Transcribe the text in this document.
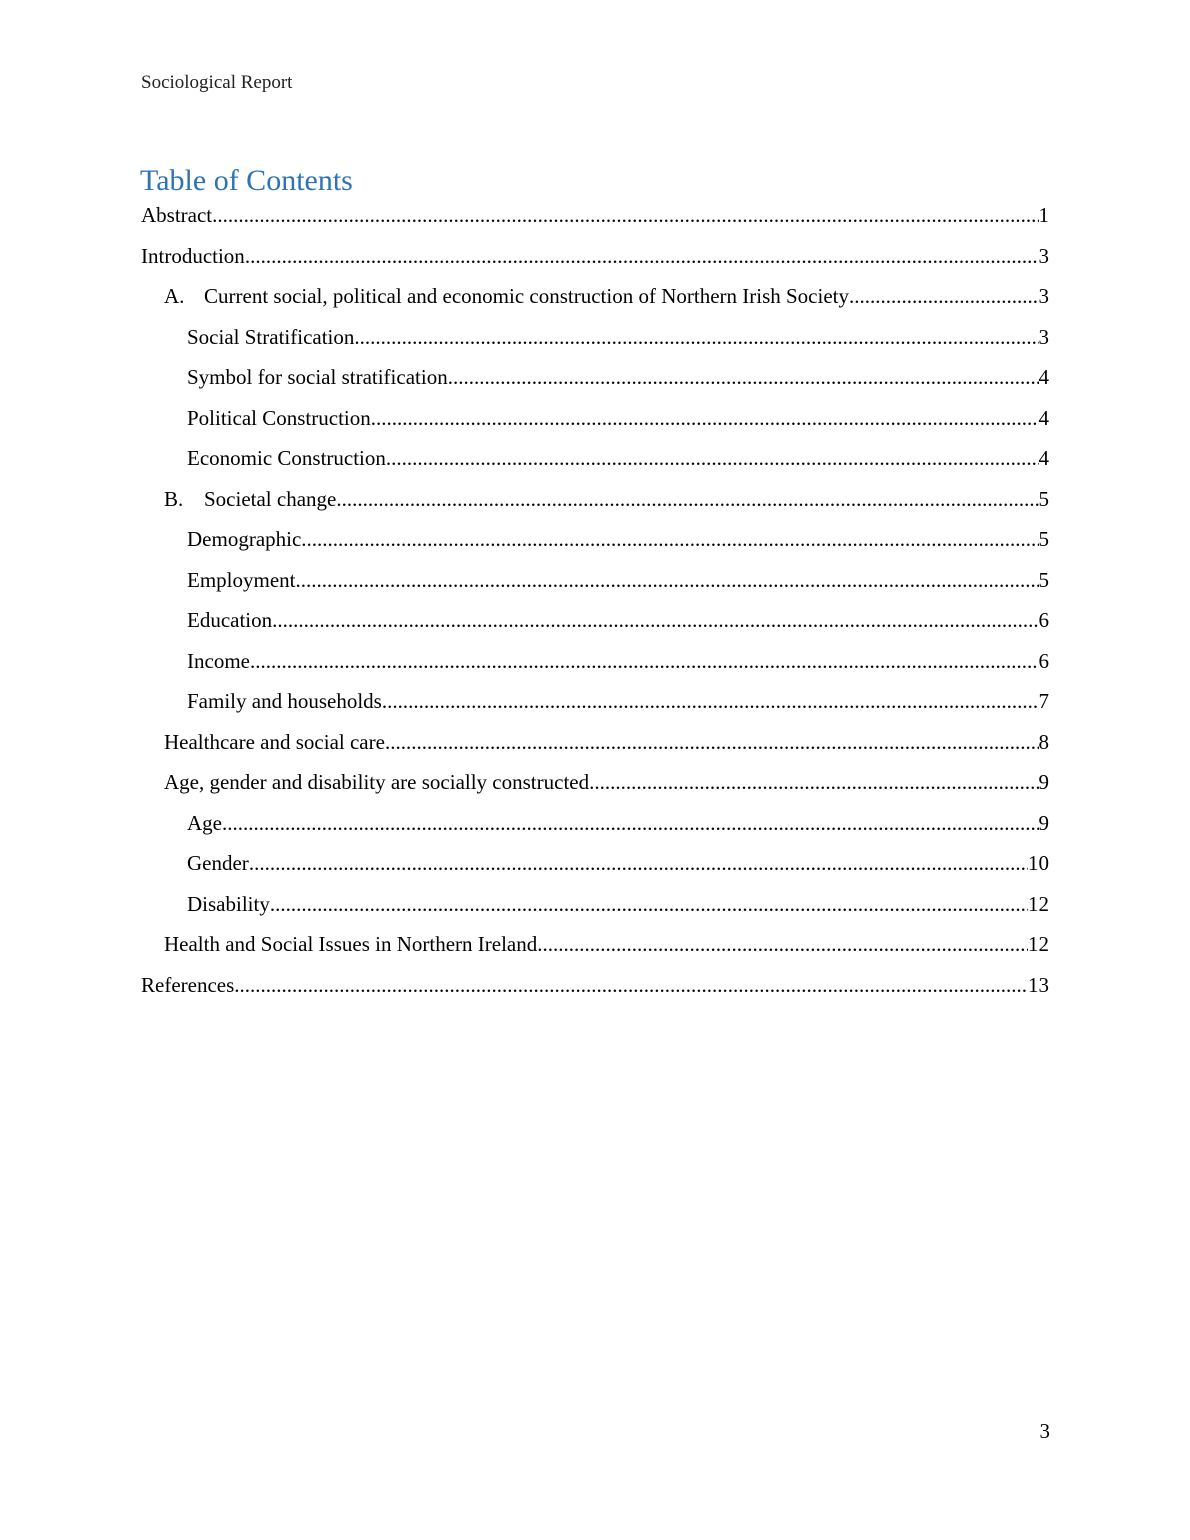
Sociological Report
Table of Contents
Abstract .....	1
Introduction .....	3
A. Current social, political and economic construction of Northern Irish Society .....	3
Social Stratification .....	3
Symbol for social stratification .....	4
Political Construction .....	4
Economic Construction .....	4
B. Societal change .....	5
Demographic .....	5
Employment .....	5
Education .....	6
Income .....	6
Family and households .....	7
Healthcare and social care .....	8
Age, gender and disability are socially constructed .....	9
Age .....	9
Gender .....	10
Disability .....	12
Health and Social Issues in Northern Ireland .....	12
References .....	13
3
